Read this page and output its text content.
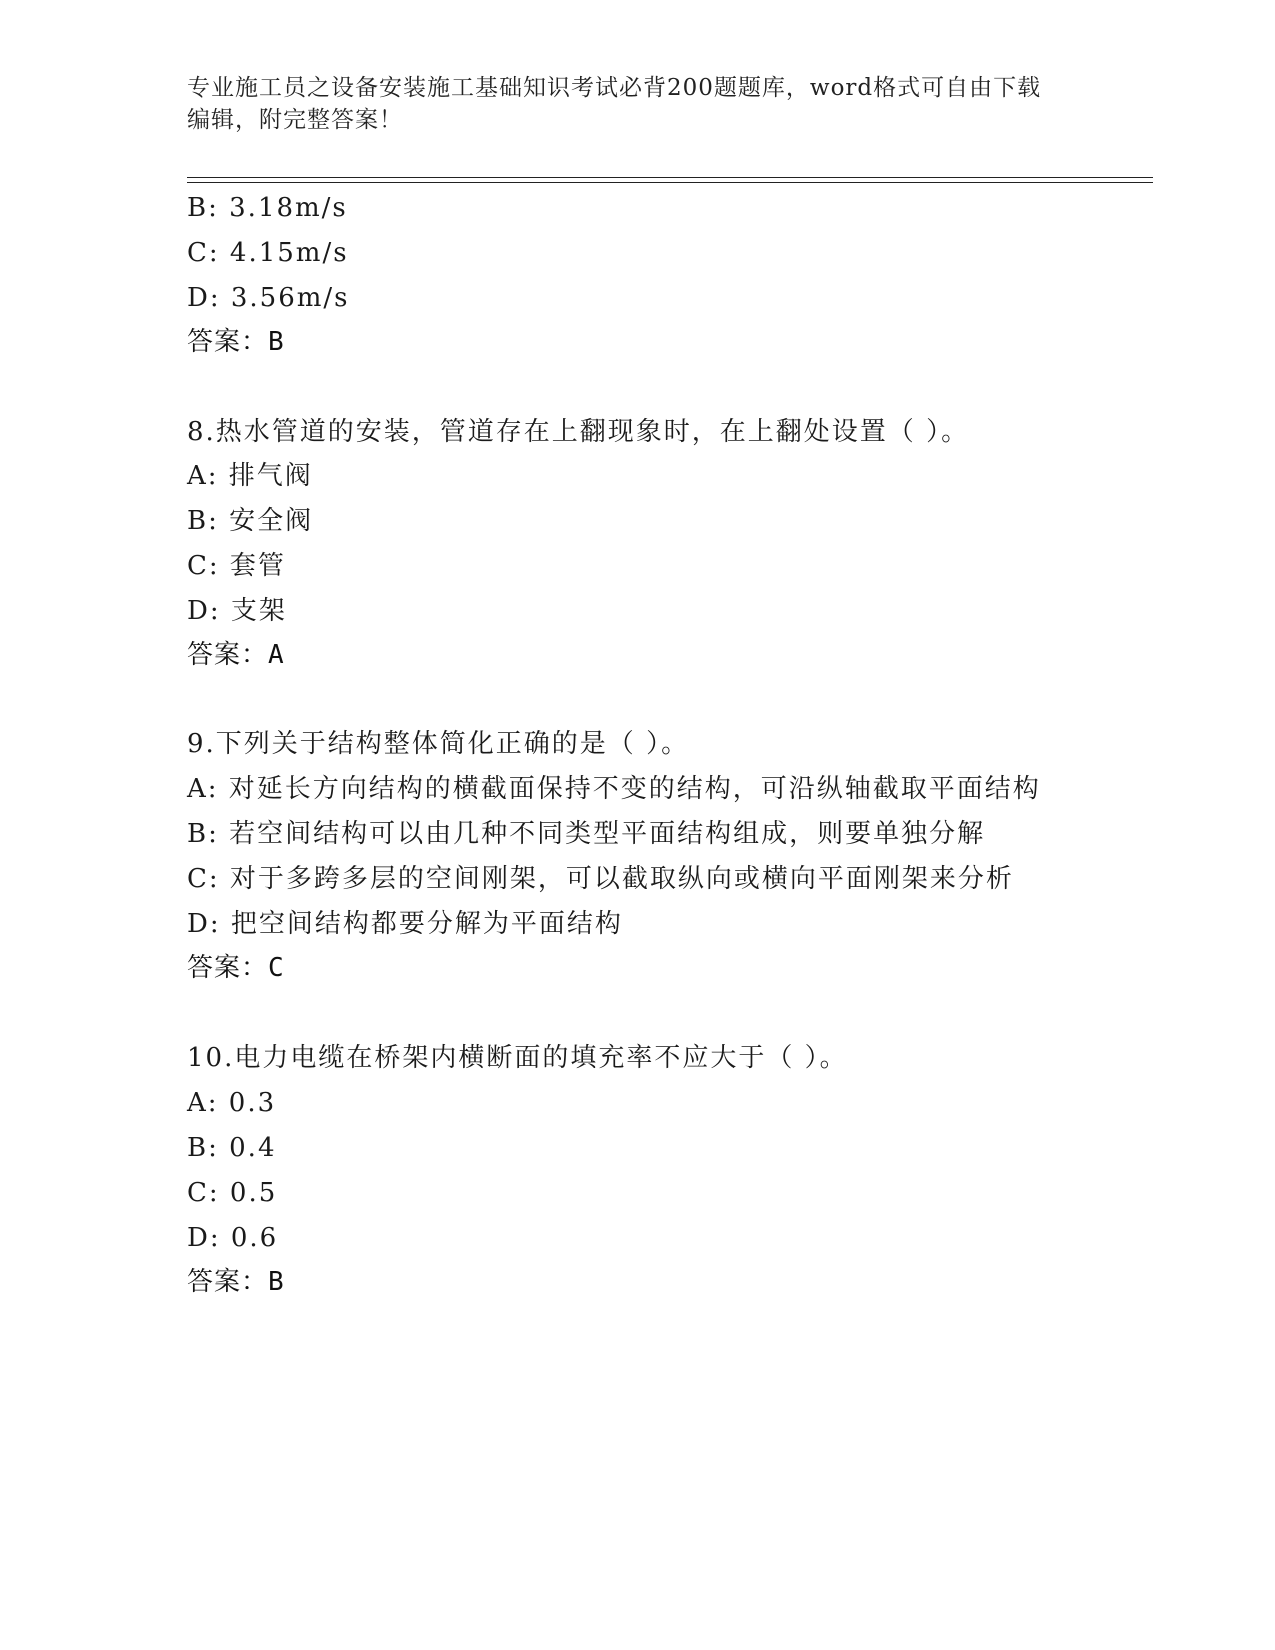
专业施工员之设备安装施工基础知识考试必背200题题库，word格式可自由下载
编辑，附完整答案！
B: 3.18m/s
C: 4.15m/s
D: 3.56m/s
答案：B
8.热水管道的安装，管道存在上翻现象时，在上翻处设置（ ）。
A: 排气阀
B: 安全阀
C: 套管
D: 支架
答案：A
9.下列关于结构整体简化正确的是（ ）。
A: 对延长方向结构的横截面保持不变的结构，可沿纵轴截取平面结构
B: 若空间结构可以由几种不同类型平面结构组成，则要单独分解
C: 对于多跨多层的空间刚架，可以截取纵向或横向平面刚架来分析
D: 把空间结构都要分解为平面结构
答案：C
10.电力电缆在桥架内横断面的填充率不应大于（ ）。
A: 0.3
B: 0.4
C: 0.5
D: 0.6
答案：B
